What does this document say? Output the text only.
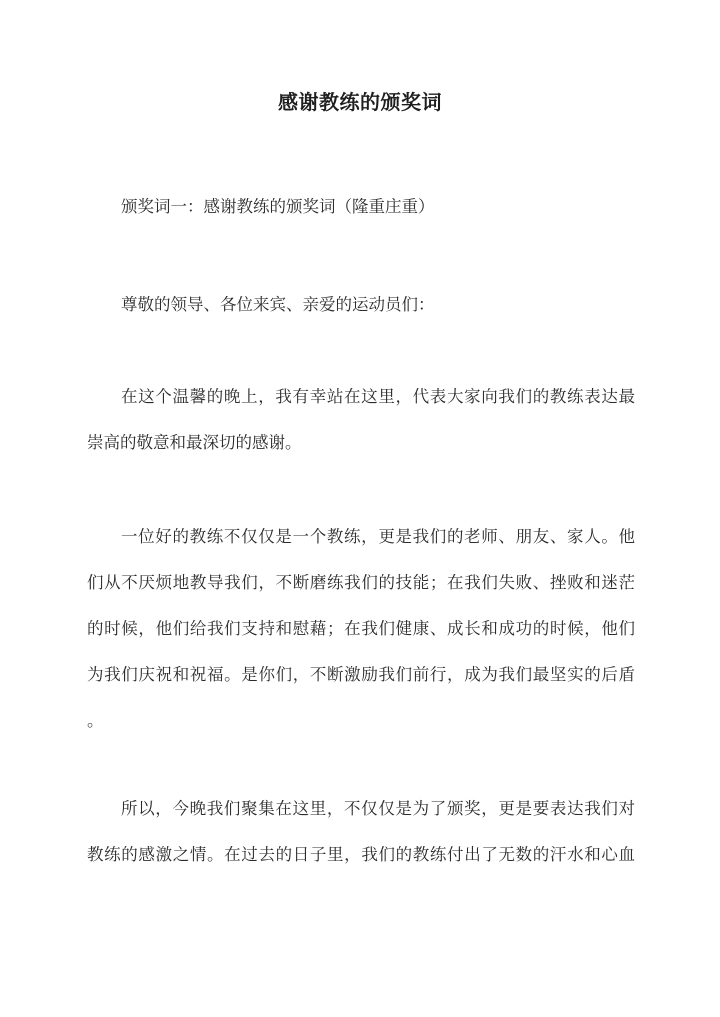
感谢教练的颁奖词
颁奖词一：感谢教练的颁奖词（隆重庄重）
尊敬的领导、各位来宾、亲爱的运动员们：
在这个温馨的晚上，我有幸站在这里，代表大家向我们的教练表达最
崇高的敬意和最深切的感谢。
一位好的教练不仅仅是一个教练，更是我们的老师、朋友、家人。他
们从不厌烦地教导我们，不断磨练我们的技能；在我们失败、挫败和迷茫
的时候，他们给我们支持和慰藉；在我们健康、成长和成功的时候，他们
为我们庆祝和祝福。是你们，不断激励我们前行，成为我们最坚实的后盾
。
所以，今晚我们聚集在这里，不仅仅是为了颁奖，更是要表达我们对
教练的感激之情。在过去的日子里，我们的教练付出了无数的汗水和心血
